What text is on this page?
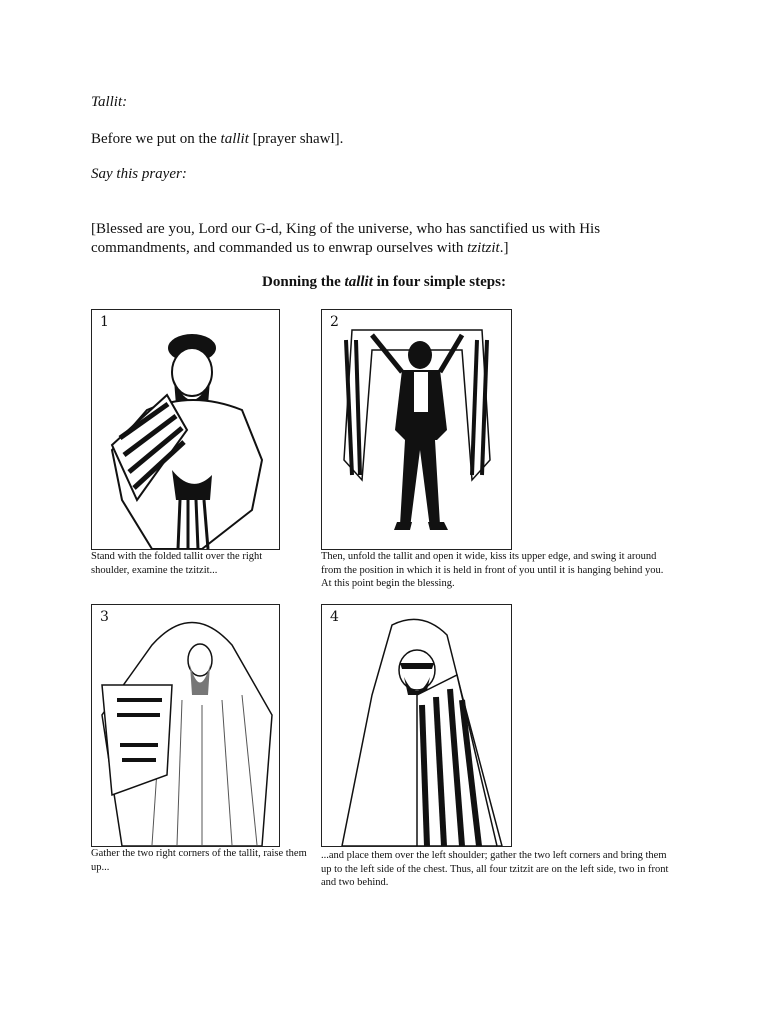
Tallit:
Before we put on the tallit [prayer shawl].
Say this prayer:
[Blessed are you, Lord our G-d, King of the universe, who has sanctified us with His commandments, and commanded us to enwrap ourselves with tzitzit.]
Donning the tallit in four simple steps:
1
Stand with the folded tallit over the right shoulder, examine the tzitzit...
2
Then, unfold the tallit and open it wide, kiss its upper edge, and swing it around from the position in which it is held in front of you until it is hanging behind you. At this point begin the blessing.
3
Gather the two right corners of the tallit, raise them up...
4
...and place them over the left shoulder; gather the two left corners and bring them up to the left side of the chest. Thus, all four tzitzit are on the left side, two in front and two behind.
